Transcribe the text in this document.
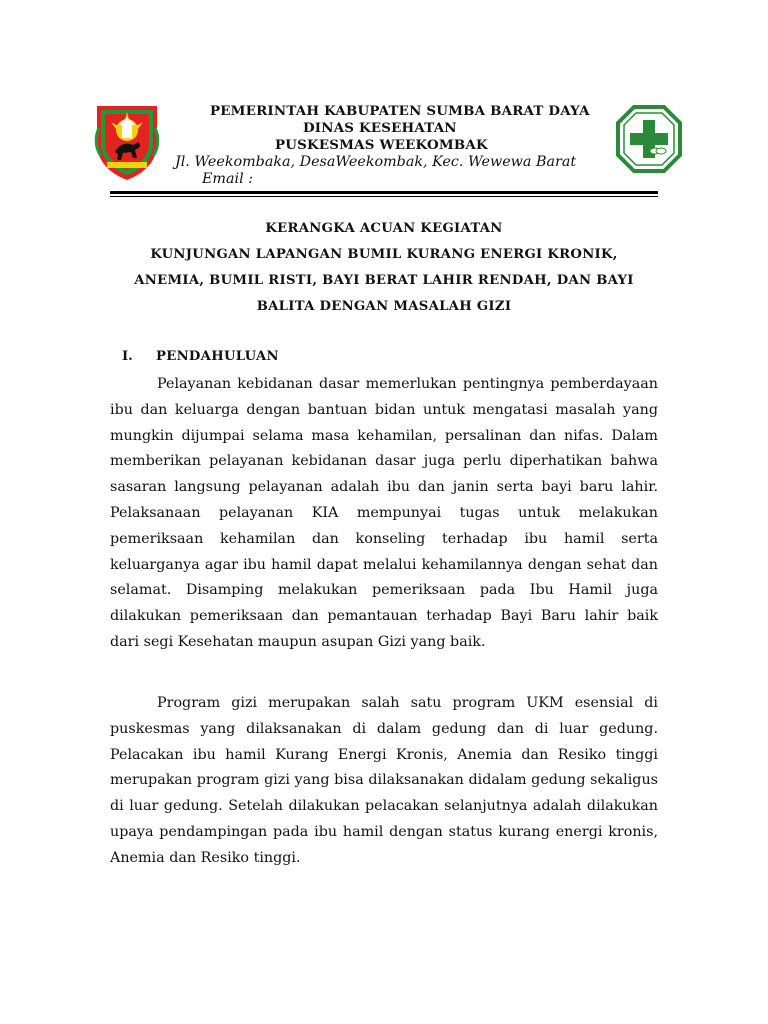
PEMERINTAH KABUPATEN SUMBA BARAT DAYA
DINAS KESEHATAN
PUSKESMAS WEEKOMBAK
Jl. Weekombaka, DesaWeekombak, Kec. Wewewa Barat
Email :
KERANGKA ACUAN KEGIATAN
KUNJUNGAN LAPANGAN BUMIL KURANG ENERGI KRONIK,
ANEMIA, BUMIL RISTI, BAYI BERAT LAHIR RENDAH, DAN BAYI
BALITA DENGAN MASALAH GIZI
I. PENDAHULUAN

Pelayanan kebidanan dasar memerlukan pentingnya pemberdayaan ibu dan keluarga dengan bantuan bidan untuk mengatasi masalah yang mungkin dijumpai selama masa kehamilan, persalinan dan nifas. Dalam memberikan pelayanan kebidanan dasar juga perlu diperhatikan bahwa sasaran langsung pelayanan adalah ibu dan janin serta bayi baru lahir. Pelaksanaan pelayanan KIA mempunyai tugas untuk melakukan pemeriksaan kehamilan dan konseling terhadap ibu hamil serta keluarganya agar ibu hamil dapat melalui kehamilannya dengan sehat dan selamat. Disamping melakukan pemeriksaan pada Ibu Hamil juga dilakukan pemeriksaan dan pemantauan terhadap Bayi Baru lahir baik dari segi Kesehatan maupun asupan Gizi yang baik.

Program gizi merupakan salah satu program UKM esensial di puskesmas yang dilaksanakan di dalam gedung dan di luar gedung. Pelacakan ibu hamil Kurang Energi Kronis, Anemia dan Resiko tinggi merupakan program gizi yang bisa dilaksanakan didalam gedung sekaligus di luar gedung. Setelah dilakukan pelacakan selanjutnya adalah dilakukan upaya pendampingan pada ibu hamil dengan status kurang energi kronis, Anemia dan Resiko tinggi.
